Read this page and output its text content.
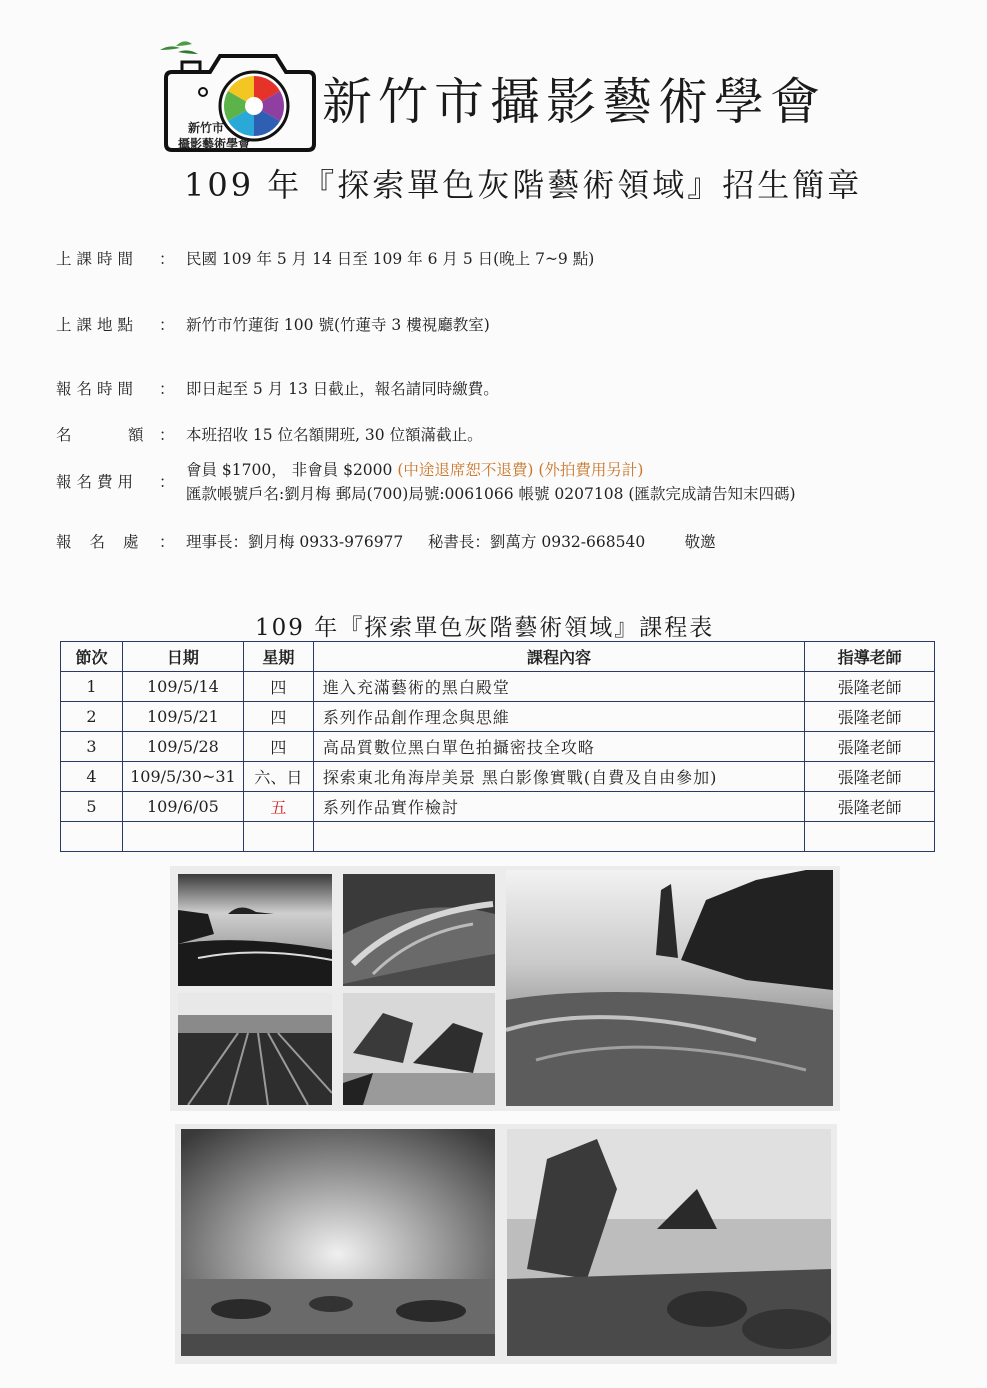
新竹市
攝影藝術學會
新竹市攝影藝術學會
109 年『探索單色灰階藝術領域』招生簡章
上課時間	： 民國 109 年 5 月 14 日至 109 年 6 月 5 日(晚上 7~9 點)
上課地點	： 新竹市竹蓮街 100 號(竹蓮寺 3 樓視廳教室)
報名時間	： 即日起至 5 月 13 日截止，報名請同時繳費。
名	額 ： 本班招收 15 位名額開班, 30 位額滿截止。
報名費用	：
會員 $1700， 非會員 $2000 (中途退席恕不退費) (外拍費用另計)
匯款帳號戶名:劉月梅 郵局(700)局號:0061066 帳號 0207108 (匯款完成請告知末四碼)
報名處 ： 理事長：劉月梅 0933-976977     秘書長：劉萬方 0932-668540        敬邀
109 年『探索單色灰階藝術領域』課程表
節次	日期	星期	課程內容	指導老師
1	109/5/14	四	進入充滿藝術的黑白殿堂	張隆老師
2	109/5/21	四	系列作品創作理念與思維	張隆老師
3	109/5/28	四	高品質數位黑白單色拍攝密技全攻略	張隆老師
4	109/5/30~31	六、日	探索東北角海岸美景 黑白影像實戰(自費及自由參加)	張隆老師
5	109/6/05	五	系列作品實作檢討	張隆老師
